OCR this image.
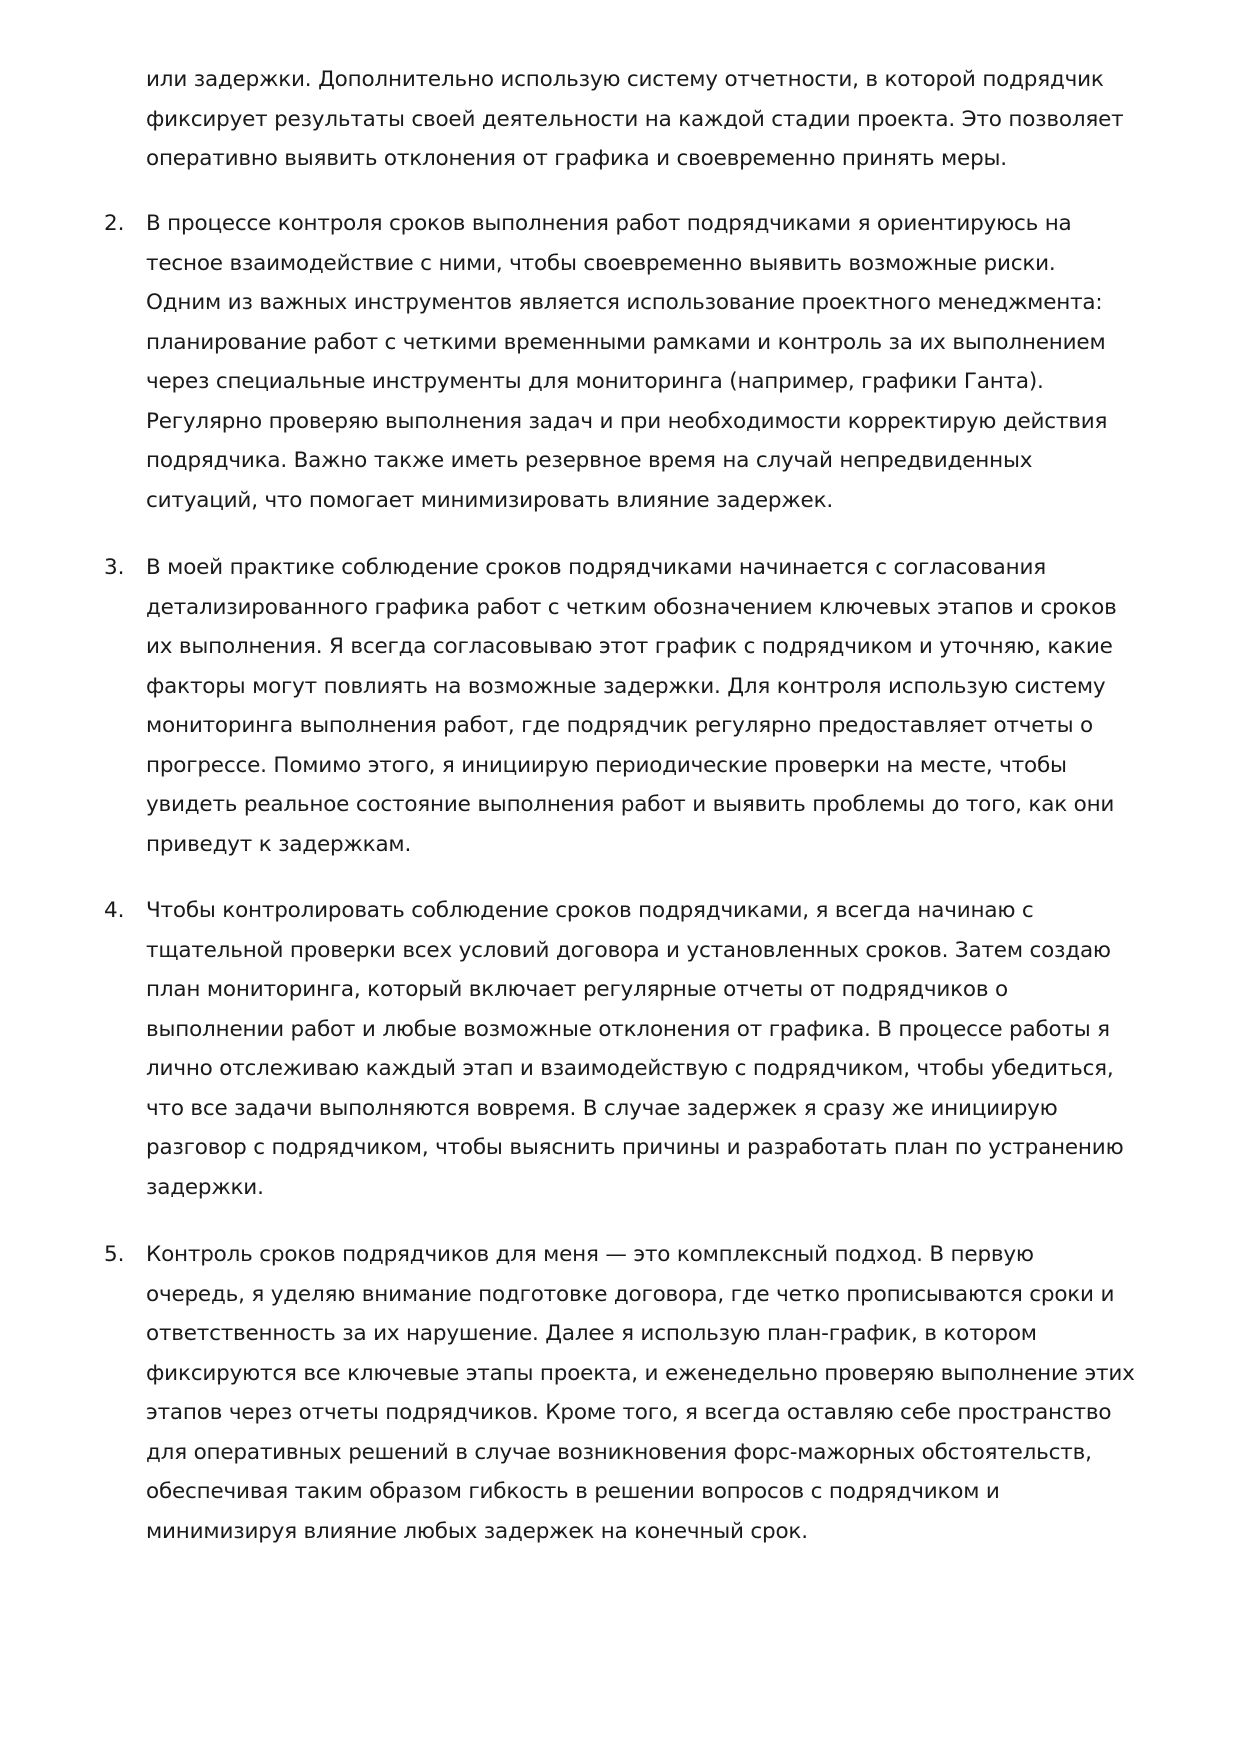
или задержки. Дополнительно использую систему отчетности, в которой подрядчик
фиксирует результаты своей деятельности на каждой стадии проекта. Это позволяет
оперативно выявить отклонения от графика и своевременно принять меры.
2. В процессе контроля сроков выполнения работ подрядчиками я ориентируюсь на
тесное взаимодействие с ними, чтобы своевременно выявить возможные риски.
Одним из важных инструментов является использование проектного менеджмента:
планирование работ с четкими временными рамками и контроль за их выполнением
через специальные инструменты для мониторинга (например, графики Ганта).
Регулярно проверяю выполнения задач и при необходимости корректирую действия
подрядчика. Важно также иметь резервное время на случай непредвиденных
ситуаций, что помогает минимизировать влияние задержек.
3. В моей практике соблюдение сроков подрядчиками начинается с согласования
детализированного графика работ с четким обозначением ключевых этапов и сроков
их выполнения. Я всегда согласовываю этот график с подрядчиком и уточняю, какие
факторы могут повлиять на возможные задержки. Для контроля использую систему
мониторинга выполнения работ, где подрядчик регулярно предоставляет отчеты о
прогрессе. Помимо этого, я инициирую периодические проверки на месте, чтобы
увидеть реальное состояние выполнения работ и выявить проблемы до того, как они
приведут к задержкам.
4. Чтобы контролировать соблюдение сроков подрядчиками, я всегда начинаю с
тщательной проверки всех условий договора и установленных сроков. Затем создаю
план мониторинга, который включает регулярные отчеты от подрядчиков о
выполнении работ и любые возможные отклонения от графика. В процессе работы я
лично отслеживаю каждый этап и взаимодействую с подрядчиком, чтобы убедиться,
что все задачи выполняются вовремя. В случае задержек я сразу же инициирую
разговор с подрядчиком, чтобы выяснить причины и разработать план по устранению
задержки.
5. Контроль сроков подрядчиков для меня — это комплексный подход. В первую
очередь, я уделяю внимание подготовке договора, где четко прописываются сроки и
ответственность за их нарушение. Далее я использую план-график, в котором
фиксируются все ключевые этапы проекта, и еженедельно проверяю выполнение этих
этапов через отчеты подрядчиков. Кроме того, я всегда оставляю себе пространство
для оперативных решений в случае возникновения форс-мажорных обстоятельств,
обеспечивая таким образом гибкость в решении вопросов с подрядчиком и
минимизируя влияние любых задержек на конечный срок.
